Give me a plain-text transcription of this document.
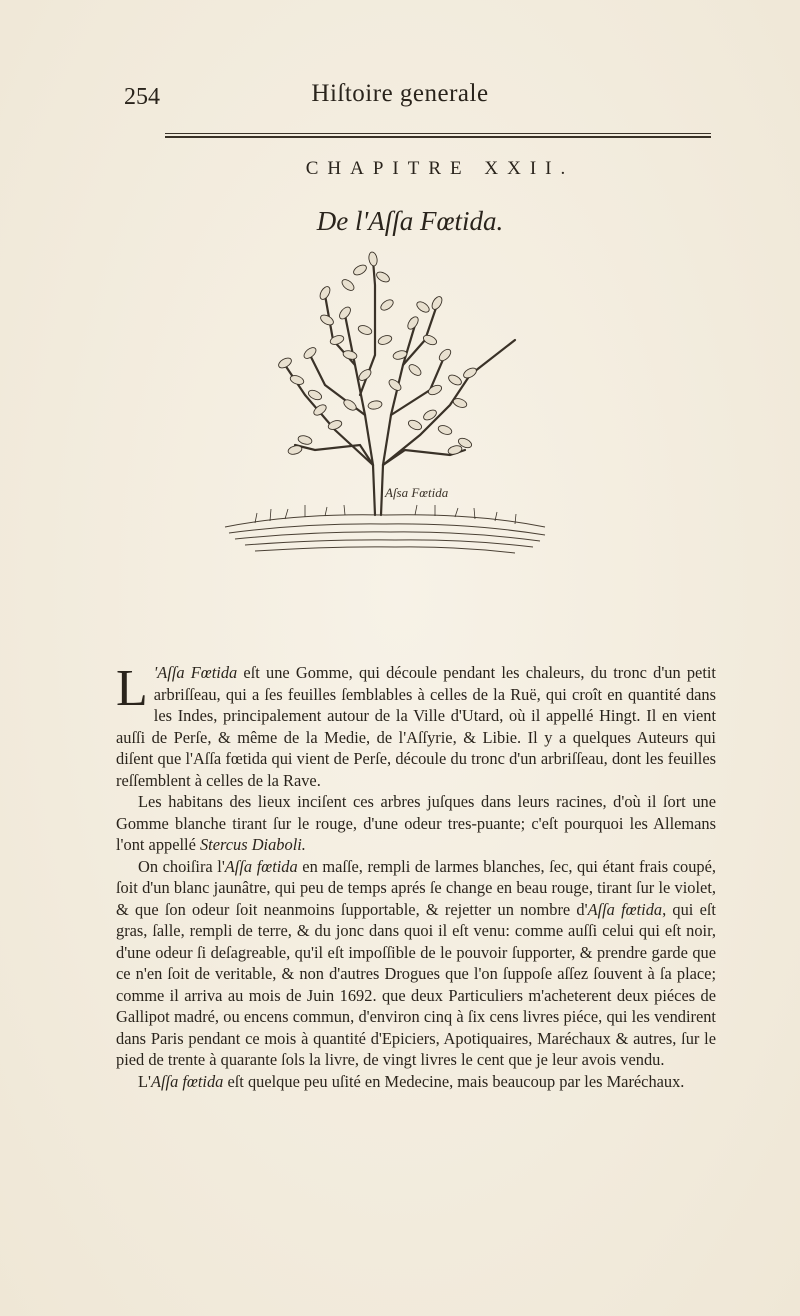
254	Hiſtoire generale
CHAPITRE XXII.
De l'Aſſa Fœtida.
Aſsa Fœtida

L 'Aſſa Fœtida eſt une Gomme, qui découle pendant les chaleurs, du tronc d'un petit arbriſſeau, qui a ſes feuilles ſemblables à celles de la Ruë, qui croît en quantité dans les Indes, principalement autour de la Ville d'Utard, où il appellé Hingt. Il en vient auſſi de Perſe, & même de la Medie, de l'Aſſyrie, & Libie. Il y a quelques Auteurs qui diſent que l'Aſſa fœtida qui vient de Perſe, découle du tronc d'un arbriſſeau, dont les feuilles reſſemblent à celles de la Rave.

Les habitans des lieux inciſent ces arbres juſques dans leurs racines, d'où il ſort une Gomme blanche tirant ſur le rouge, d'une odeur tres-puante; c'eſt pourquoi les Allemans l'ont appellé Stercus Diaboli.

On choiſira l'Aſſa fœtida en maſſe, rempli de larmes blanches, ſec, qui étant frais coupé, ſoit d'un blanc jaunâtre, qui peu de temps aprés ſe change en beau rouge, tirant ſur le violet, & que ſon odeur ſoit neanmoins ſupportable, & rejetter un nombre d'Aſſa fœtida, qui eſt gras, ſalle, rempli de terre, & du jonc dans quoi il eſt venu: comme auſſi celui qui eſt noir, d'une odeur ſi deſagreable, qu'il eſt impoſſible de le pouvoir ſupporter, & prendre garde que ce n'en ſoit de veritable, & non d'autres Drogues que l'on ſuppoſe aſſez ſouvent à ſa place; comme il arriva au mois de Juin 1692. que deux Particuliers m'acheterent deux piéces de Gallipot madré, ou encens commun, d'environ cinq à ſix cens livres piéce, qui les vendirent dans Paris pendant ce mois à quantité d'Epiciers, Apotiquaires, Maréchaux & autres, ſur le pied de trente à quarante ſols la livre, de vingt livres le cent que je leur avois vendu.

L'Aſſa fœtida eſt quelque peu uſité en Medecine, mais beaucoup par les Maréchaux.
